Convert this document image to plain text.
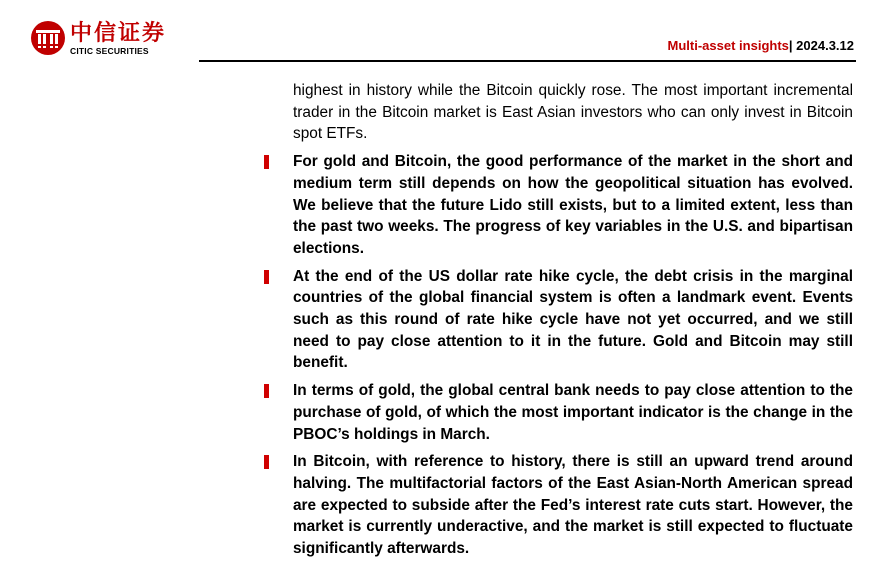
中信证券
CITIC SECURITIES	Multi-asset insights| 2024.3.12
highest in history while the Bitcoin quickly rose. The most important incremental trader in the Bitcoin market is East Asian investors who can only invest in Bitcoin spot ETFs.
For gold and Bitcoin, the good performance of the market in the short and medium term still depends on how the geopolitical situation has evolved. We believe that the future Lido still exists, but to a limited extent, less than the past two weeks. The progress of key variables in the U.S. and bipartisan elections.
At the end of the US dollar rate hike cycle, the debt crisis in the marginal countries of the global financial system is often a landmark event. Events such as this round of rate hike cycle have not yet occurred, and we still need to pay close attention to it in the future. Gold and Bitcoin may still benefit.
In terms of gold, the global central bank needs to pay close attention to the purchase of gold, of which the most important indicator is the change in the PBOC’s holdings in March.
In Bitcoin, with reference to history, there is still an upward trend around halving. The multifactorial factors of the East Asian-North American spread are expected to subside after the Fed’s interest rate cuts start. However, the market is currently underactive, and the market is still expected to fluctuate significantly afterwards.
